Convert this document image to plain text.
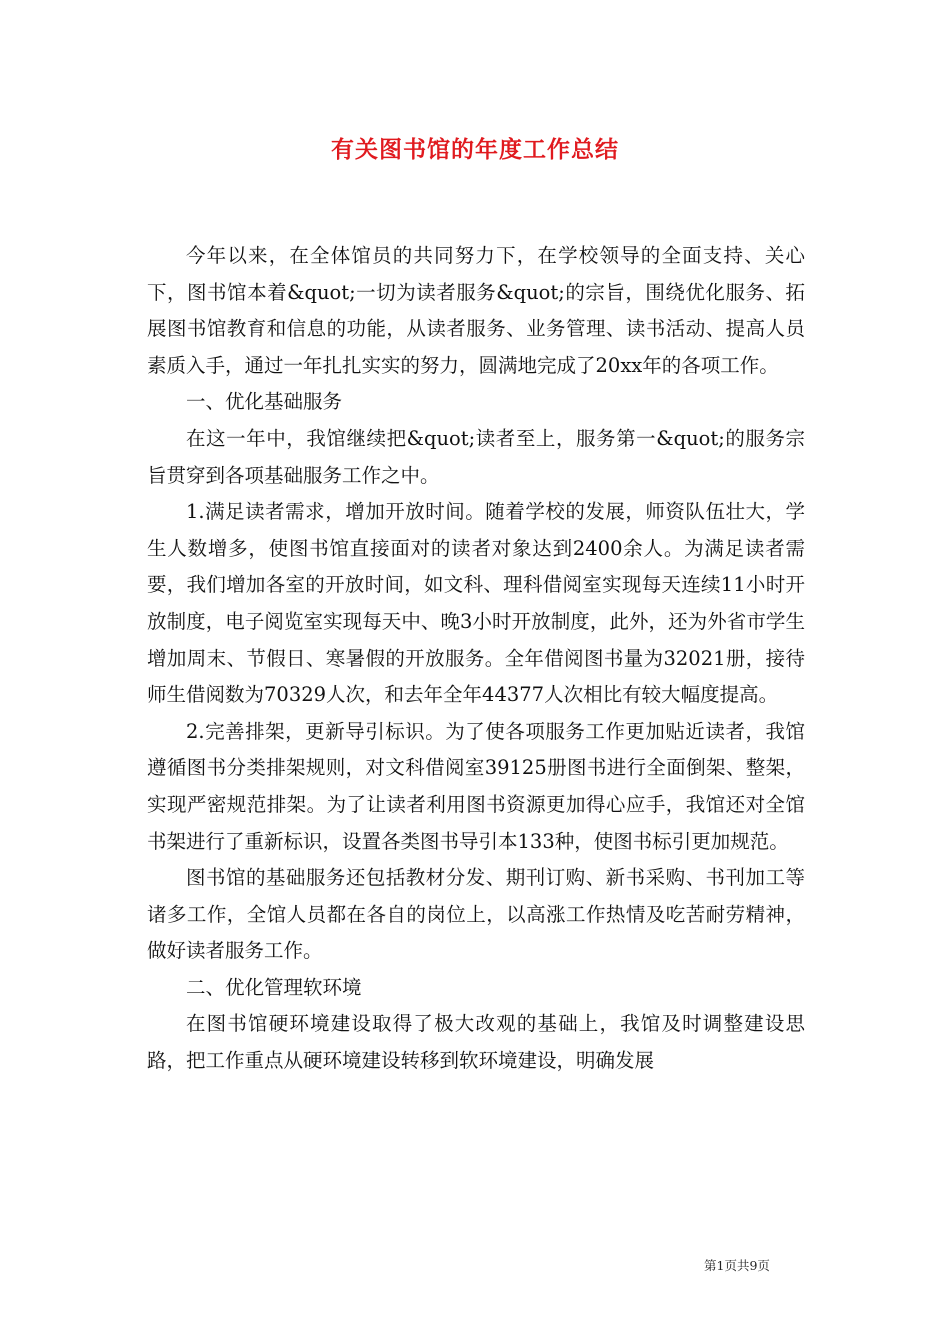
有关图书馆的年度工作总结

今年以来，在全体馆员的共同努力下，在学校领导的全面支持、关心下，图书馆本着&quot;一切为读者服务&quot;的宗旨，围绕优化服务、拓展图书馆教育和信息的功能，从读者服务、业务管理、读书活动、提高人员素质入手，通过一年扎扎实实的努力，圆满地完成了20xx年的各项工作。

一、优化基础服务

在这一年中，我馆继续把&quot;读者至上，服务第一&quot;的服务宗旨贯穿到各项基础服务工作之中。

1.满足读者需求，增加开放时间。随着学校的发展，师资队伍壮大，学生人数增多，使图书馆直接面对的读者对象达到2400余人。为满足读者需要，我们增加各室的开放时间，如文科、理科借阅室实现每天连续11小时开放制度，电子阅览室实现每天中、晚3小时开放制度，此外，还为外省市学生增加周末、节假日、寒暑假的开放服务。全年借阅图书量为32021册，接待师生借阅数为70329人次，和去年全年44377人次相比有较大幅度提高。

2.完善排架，更新导引标识。为了使各项服务工作更加贴近读者，我馆遵循图书分类排架规则，对文科借阅室39125册图书进行全面倒架、整架，实现严密规范排架。为了让读者利用图书资源更加得心应手，我馆还对全馆书架进行了重新标识，设置各类图书导引本133种，使图书标引更加规范。

图书馆的基础服务还包括教材分发、期刊订购、新书采购、书刊加工等诸多工作，全馆人员都在各自的岗位上，以高涨工作热情及吃苦耐劳精神，做好读者服务工作。

二、优化管理软环境

在图书馆硬环境建设取得了极大改观的基础上，我馆及时调整建设思路，把工作重点从硬环境建设转移到软环境建设，明确发展

第1页共9页
